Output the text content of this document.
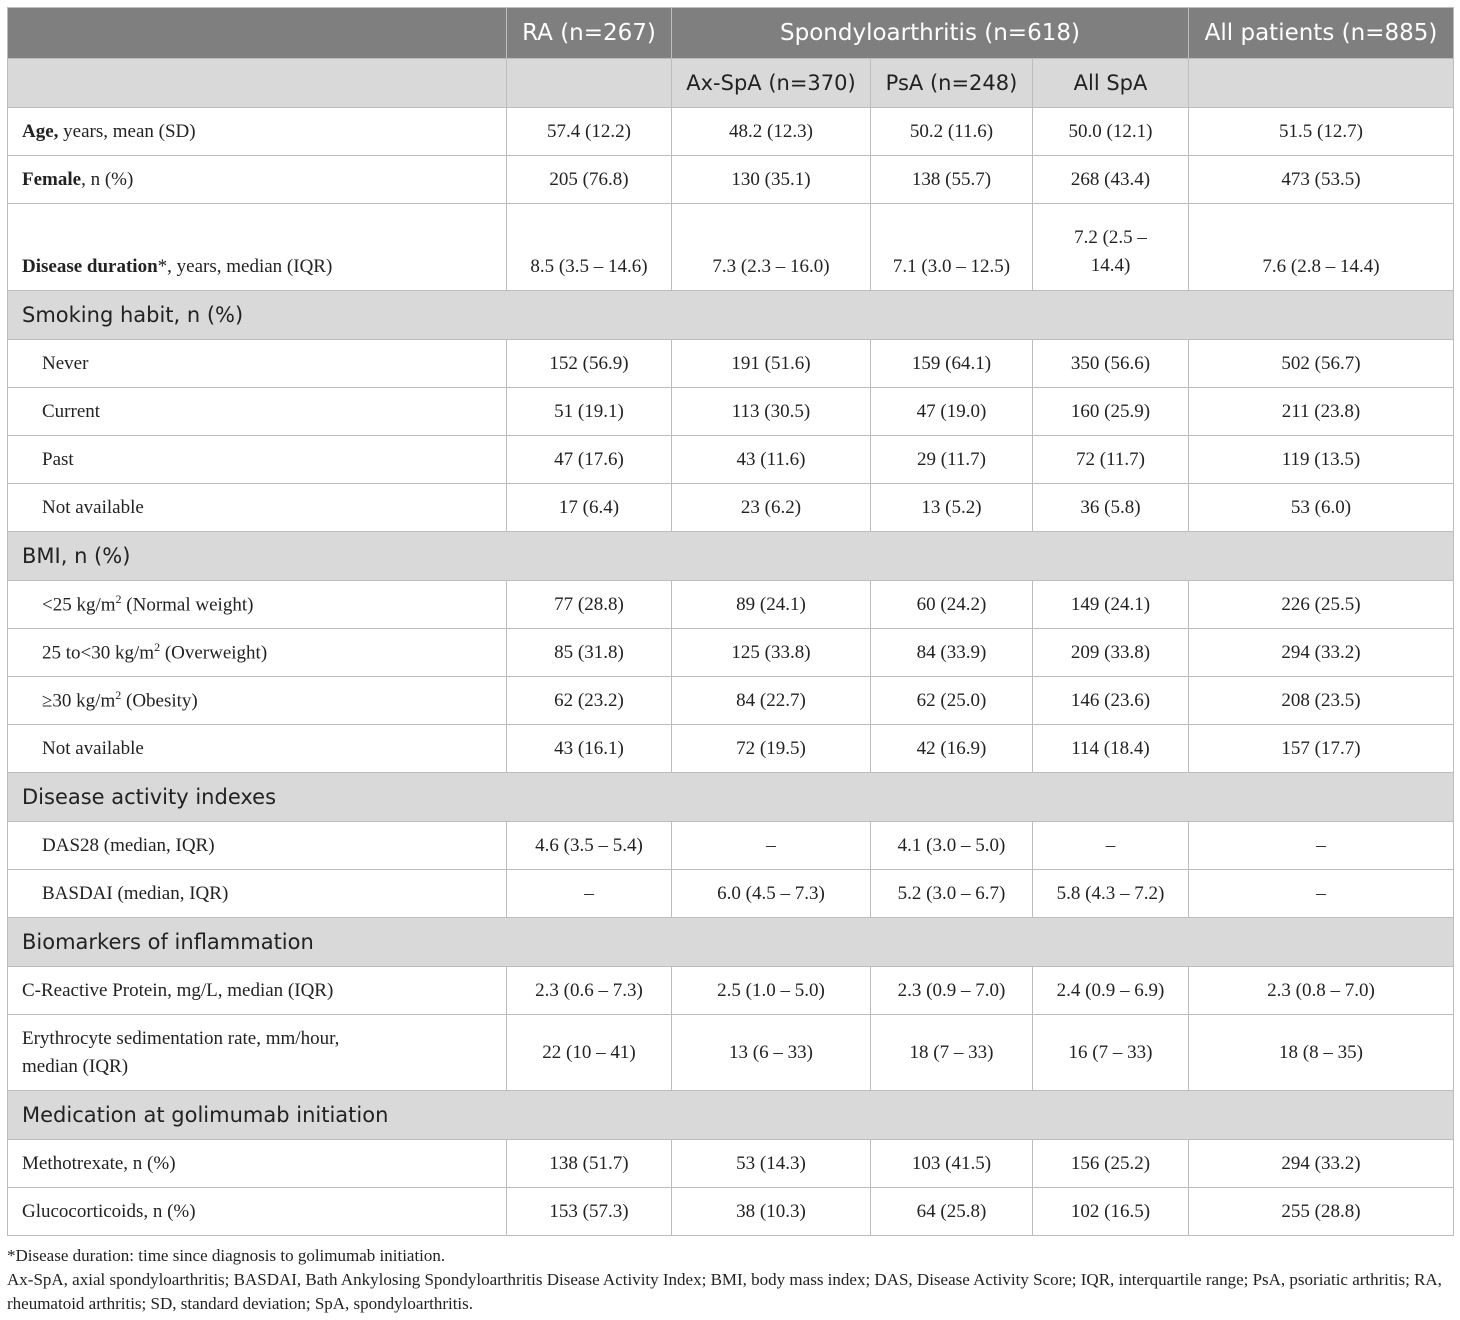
	RA (n=267)	Spondyloarthritis (n=618)			All patients (n=885)
		Ax-SpA (n=370)	PsA (n=248)	All SpA	
Age, years, mean (SD)	57.4 (12.2)	48.2 (12.3)	50.2 (11.6)	50.0 (12.1)	51.5 (12.7)
Female, n (%)	205 (76.8)	130 (35.1)	138 (55.7)	268 (43.4)	473 (53.5)
Disease duration*, years, median (IQR)	8.5 (3.5 – 14.6)	7.3 (2.3 – 16.0)	7.1 (3.0 – 12.5)	7.2 (2.5 – 14.4)	7.6 (2.8 – 14.4)
Smoking habit, n (%)					
Never	152 (56.9)	191 (51.6)	159 (64.1)	350 (56.6)	502 (56.7)
Current	51 (19.1)	113 (30.5)	47 (19.0)	160 (25.9)	211 (23.8)
Past	47 (17.6)	43 (11.6)	29 (11.7)	72 (11.7)	119 (13.5)
Not available	17 (6.4)	23 (6.2)	13 (5.2)	36 (5.8)	53 (6.0)
BMI, n (%)					
<25 $kg/m^2$ (Normal weight)	77 (28.8)	89 (24.1)	60 (24.2)	149 (24.1)	226 (25.5)
25 to<30 $kg/m^2$ (Overweight)	85 (31.8)	125 (33.8)	84 (33.9)	209 (33.8)	294 (33.2)
≥30 $kg/m^2$ (Obesity)	62 (23.2)	84 (22.7)	62 (25.0)	146 (23.6)	208 (23.5)
Not available	43 (16.1)	72 (19.5)	42 (16.9)	114 (18.4)	157 (17.7)
Disease activity indexes					
DAS28 (median, IQR)	4.6 (3.5 – 5.4)	–	4.1 (3.0 – 5.0)	–	–
BASDAI (median, IQR)	–	6.0 (4.5 – 7.3)	5.2 (3.0 – 6.7)	5.8 (4.3 – 7.2)	–
Biomarkers of inflammation					
C-Reactive Protein, mg/L, median (IQR)	2.3 (0.6 – 7.3)	2.5 (1.0 – 5.0)	2.3 (0.9 – 7.0)	2.4 (0.9 – 6.9)	2.3 (0.8 – 7.0)
Erythrocyte sedimentation rate, mm/hour, median (IQR)	22 (10 – 41)	13 (6 – 33)	18 (7 – 33)	16 (7 – 33)	18 (8 – 35)
Medication at golimumab initiation					
Methotrexate, n (%)	138 (51.7)	53 (14.3)	103 (41.5)	156 (25.2)	294 (33.2)
Glucocorticoids, n (%)	153 (57.3)	38 (10.3)	64 (25.8)	102 (16.5)	255 (28.8)

*Disease duration: time since diagnosis to golimumab initiation.

Ax-SpA, axial spondyloarthritis; BASDAI, Bath Ankylosing Spondyloarthritis Disease Activity Index; BMI, body mass index; DAS, Disease Activity Score; IQR, interquartile range; PsA, psoriatic arthritis; RA, rheumatoid arthritis; SD, standard deviation; SpA, spondyloarthritis.
